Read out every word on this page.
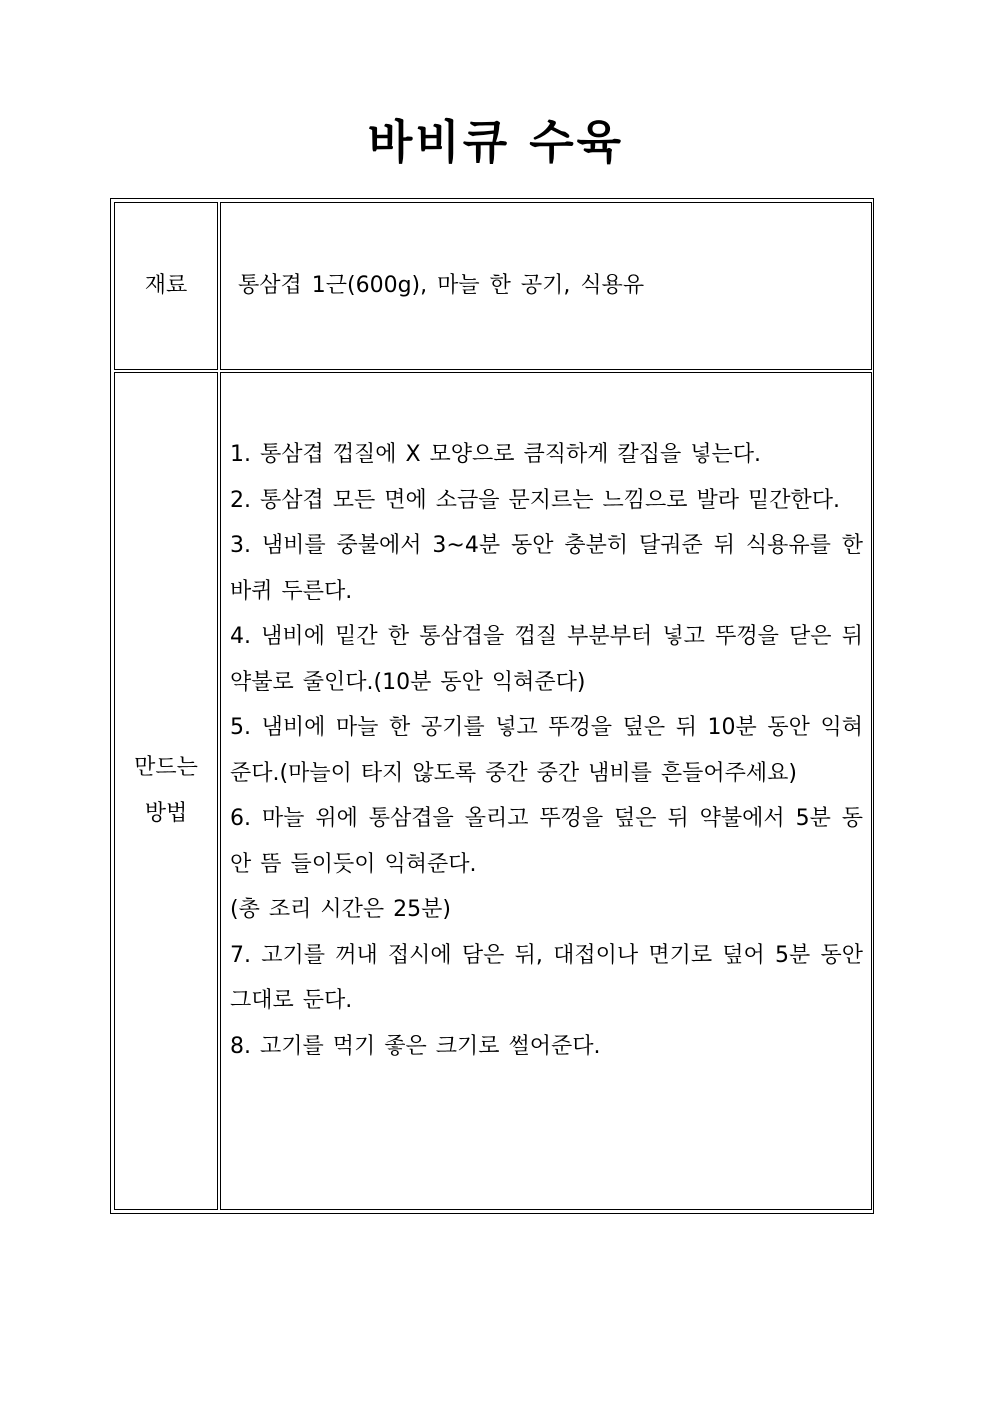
바비큐 수육
재료 통삼겹 1근(600g), 마늘 한 공기, 식용유
만드는
방법
1. 통삼겹 껍질에 X 모양으로 큼직하게 칼집을 넣는다.
2. 통삼겹 모든 면에 소금을 문지르는 느낌으로 발라 밑간한다.
3. 냄비를 중불에서 3~4분 동안 충분히 달궈준 뒤 식용유를 한바퀴 두른다.
4. 냄비에 밑간 한 통삼겹을 껍질 부분부터 넣고 뚜껑을 닫은 뒤 약불로 줄인다.(10분 동안 익혀준다)
5. 냄비에 마늘 한 공기를 넣고 뚜껑을 덮은 뒤 10분 동안 익혀준다.(마늘이 타지 않도록 중간 중간 냄비를 흔들어주세요)
6. 마늘 위에 통삼겹을 올리고 뚜껑을 덮은 뒤 약불에서 5분 동안 뜸 들이듯이 익혀준다.
(총 조리 시간은 25분)
7. 고기를 꺼내 접시에 담은 뒤, 대접이나 면기로 덮어 5분 동안 그대로 둔다.
8. 고기를 먹기 좋은 크기로 썰어준다.
